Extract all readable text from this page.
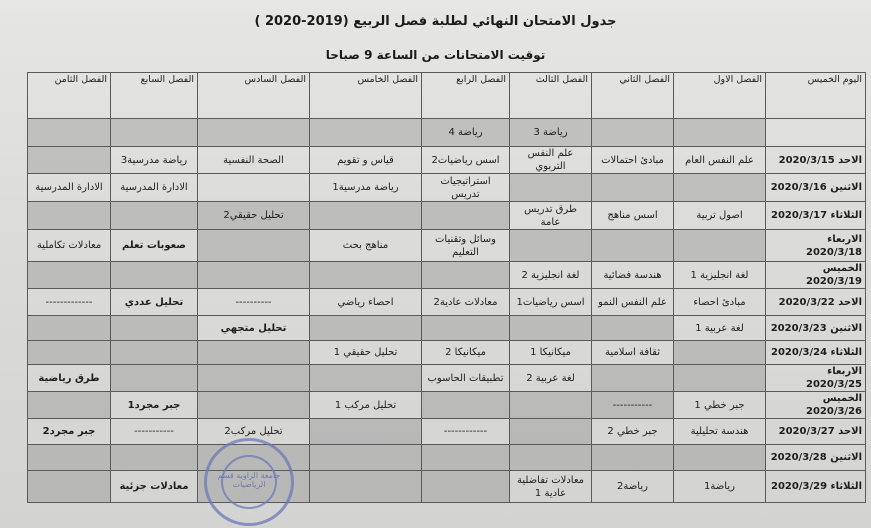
جدول الامتحان النهائي لطلبة فصل الربيع (2019-2020 )
توقيت الامتحانات من الساعة 9 صباحا
اليوم الخميس	الفصل الاول	الفصل الثاني	الفصل الثالث	الفصل الرابع	الفصل الخامس	الفصل السادس	الفصل السابع	الفصل الثامن
			رياضة 3	رياضة 4				
الاحد 2020/3/15	علم النفس العام	مبادئ احتمالات	علم النفس التربوي	اسس رياضيات2	قياس و تقويم	الصحة النفسية	رياضة مدرسية3	
الاثنين 2020/3/16				استراتيجيات تدريس	رياضة مدرسية1		الادارة المدرسية	الادارة المدرسية
الثلاثاء 2020/3/17	اصول تربية	اسس مناهج	طرق تدريس عامة			تحليل حقيقي2		
الاربعاء 2020/3/18				وسائل وتقنيات التعليم	مناهج بحث		صعوبات تعلم	معادلات تكاملية
الخميس 2020/3/19	لغة انجليزية 1	هندسة فضائية	لغة انجليزية 2					
الاحد 2020/3/22	مبادئ احصاء	علم النفس النمو	اسس رياضيات1	معادلات عادية2	احصاء رياضي	----------	تحليل عددي	-------------
الاثنين 2020/3/23	لغة عربية 1					تحليل متجهي		
الثلاثاء 2020/3/24		ثقافة اسلامية	ميكانيكا 1	ميكانيكا 2	تحليل حقيقي 1			
الاربعاء 2020/3/25			لغة عربية 2	تطبيقات الحاسوب				طرق رياضية
الخميس 2020/3/26	جبر خطي 1	-----------			تحليل مركب 1		جبر مجرد1	
الاحد 2020/3/27	هندسة تحليلية	جبر خطي 2		------------		تحليل مركب2	-----------	جبر مجرد2
الاثنين 2020/3/28								
الثلاثاء 2020/3/29	رياضة1	رياضة2	معادلات تفاضلية عادية 1				معادلات جزئية	
جامعة الزاوية قسم الرياضيات
